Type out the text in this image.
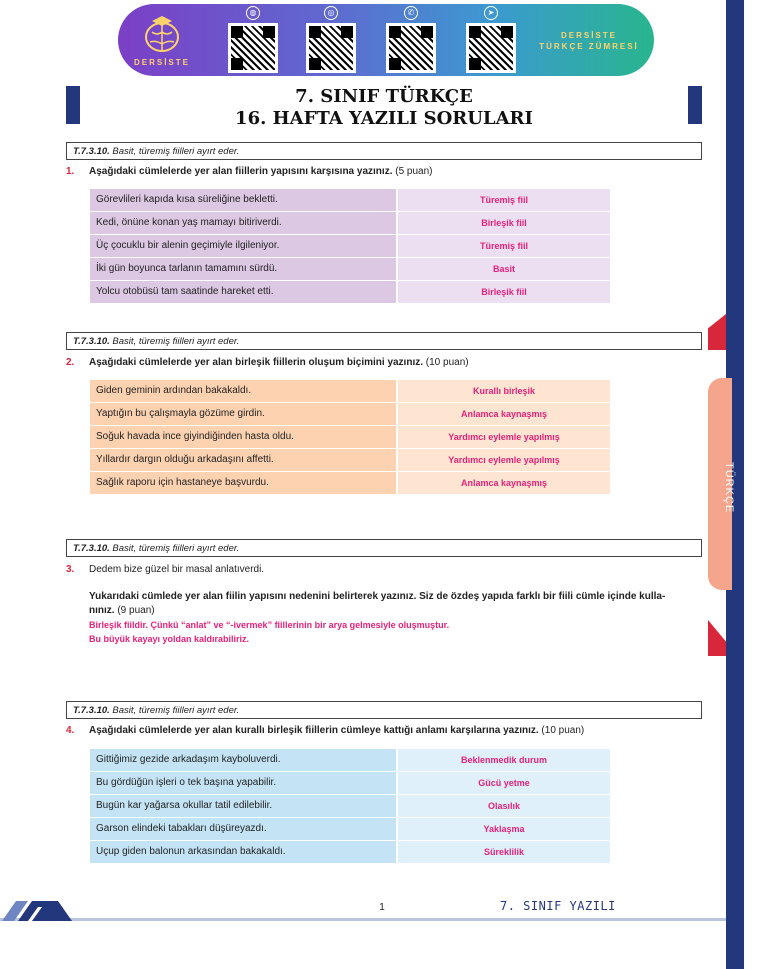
TÜRKÇE
DERSİSTE
◍	◎	✆	➤
DERSİSTE
TÜRKÇE ZÜMRESİ
7. SINIF TÜRKÇE
16. HAFTA YAZILI SORULARI
T.7.3.10. Basit, türemiş fiilleri ayırt eder.
1. Aşağıdaki cümlelerde yer alan fiillerin yapısını karşısına yazınız. (5 puan)
Görevlileri kapıda kısa süreliğine bekletti.	Türemiş fiil
Kedi, önüne konan yaş mamayı bitiriverdi.	Birleşik fiil
Üç çocuklu bir alenin geçimiyle ilgileniyor.	Türemiş fiil
İki gün boyunca tarlanın tamamını sürdü.	Basit
Yolcu otobüsü tam saatinde hareket etti.	Birleşik fiil
T.7.3.10. Basit, türemiş fiilleri ayırt eder.
2. Aşağıdaki cümlelerde yer alan birleşik fiillerin oluşum biçimini yazınız. (10 puan)
Giden geminin ardından bakakaldı.	Kurallı birleşik
Yaptığın bu çalışmayla gözüme girdin.	Anlamca kaynaşmış
Soğuk havada ince giyindiğinden hasta oldu.	Yardımcı eylemle yapılmış
Yıllardır dargın olduğu arkadaşını affetti.	Yardımcı eylemle yapılmış
Sağlık raporu için hastaneye başvurdu.	Anlamca kaynaşmış
T.7.3.10. Basit, türemiş fiilleri ayırt eder.
3. Dedem bize güzel bir masal anlatıverdi.
Yukarıdaki cümlede yer alan fiilin yapısını nedenini belirterek yazınız. Siz de özdeş yapıda farklı bir fiili cümle içinde kulla-
nınız. (9 puan)
Birleşik fiildir. Çünkü “anlat” ve “-ivermek” fiillerinin bir arya gelmesiyle oluşmuştur.
Bu büyük kayayı yoldan kaldırabiliriz.
T.7.3.10. Basit, türemiş fiilleri ayırt eder.
4. Aşağıdaki cümlelerde yer alan kurallı birleşik fiillerin cümleye kattığı anlamı karşılarına yazınız. (10 puan)
Gittiğimiz gezide arkadaşım kayboluverdi.	Beklenmedik durum
Bu gördüğün işleri o tek başına yapabilir.	Gücü yetme
Bugün kar yağarsa okullar tatil edilebilir.	Olasılık
Garson elindeki tabakları düşüreyazdı.	Yaklaşma
Uçup giden balonun arkasından bakakaldı.	Süreklilik
1	7. SINIF YAZILI
